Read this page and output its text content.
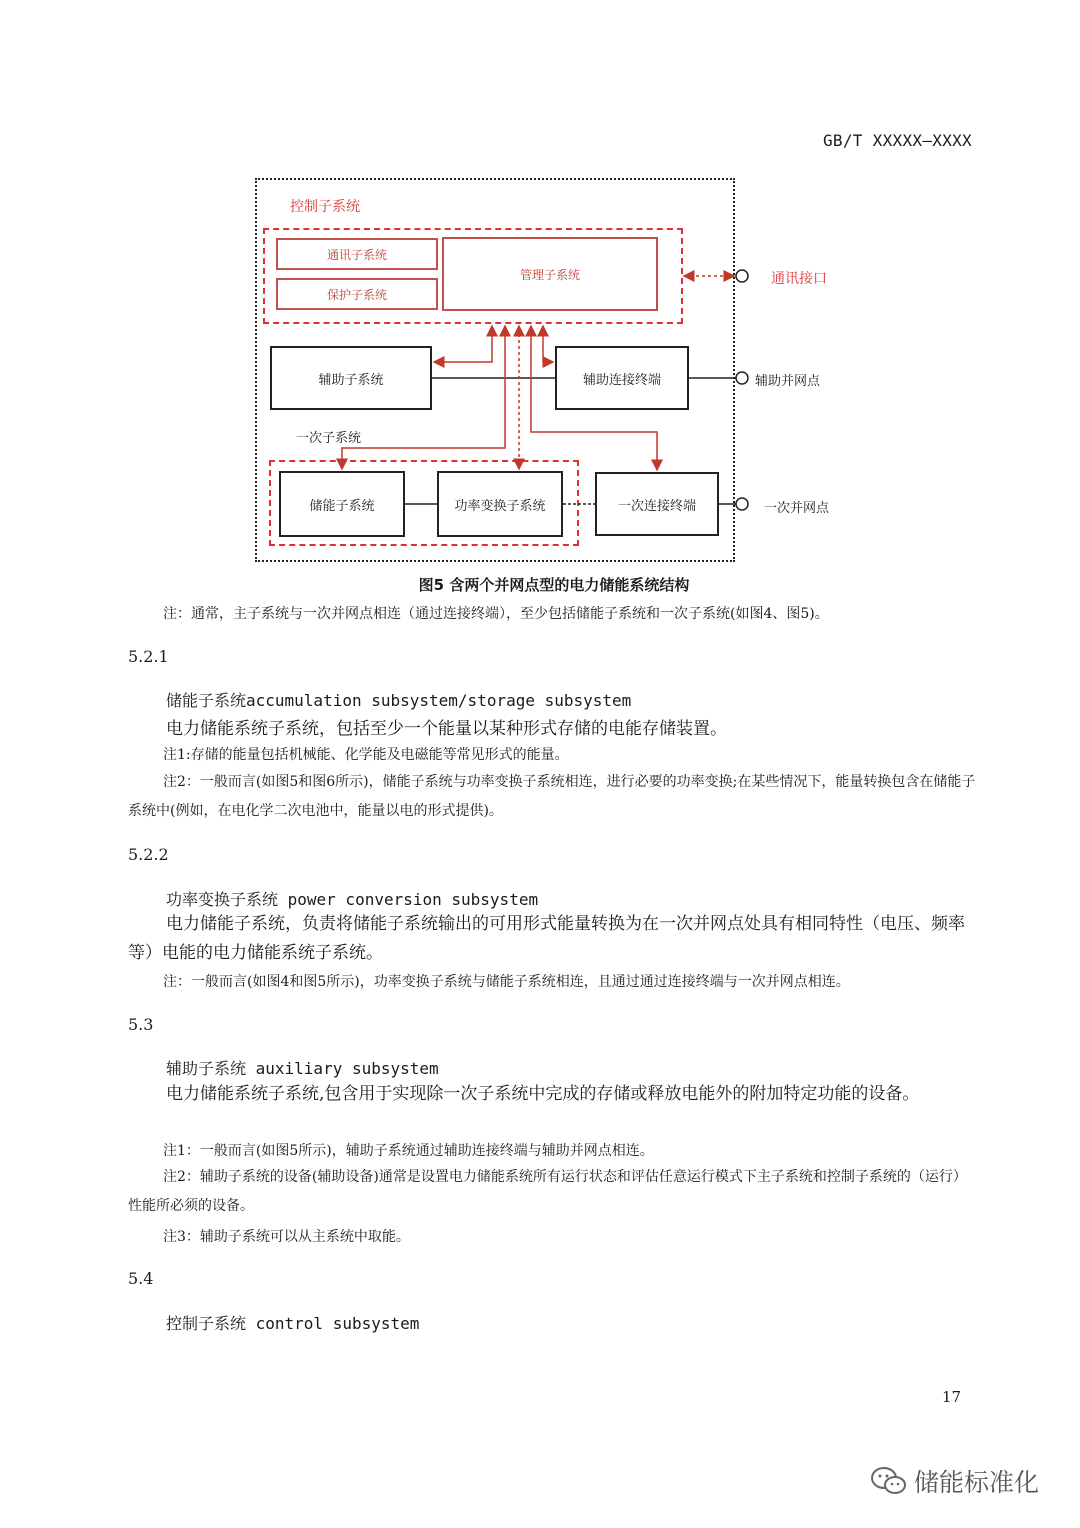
GB/T XXXXX—XXXX
控制子系统
通讯子系统
保护子系统
管理子系统	通讯接口
辅助子系统	辅助连接终端	辅助并网点
一次子系统
储能子系统	功率变换子系统	一次连接终端	一次并网点
图5 含两个并网点型的电力储能系统结构
注：通常，主子系统与一次并网点相连（通过连接终端），至少包括储能子系统和一次子系统(如图4、图5)。
5.2.1
储能子系统accumulation subsystem/storage subsystem
电力储能系统子系统，包括至少一个能量以某种形式存储的电能存储装置。
注1:存储的能量包括机械能、化学能及电磁能等常见形式的能量。

注2：一般而言(如图5和图6所示)，储能子系统与功率变换子系统相连，进行必要的功率变换;在某些情况下，能量转换包含在储能子系统中(例如，在电化学二次电池中，能量以电的形式提供)。

5.2.2
功率变换子系统 power conversion subsystem

电力储能子系统，负责将储能子系统输出的可用形式能量转换为在一次并网点处具有相同特性（电压、频率等）电能的电力储能系统子系统。

注：一般而言(如图4和图5所示)，功率变换子系统与储能子系统相连，且通过通过连接终端与一次并网点相连。
5.3
辅助子系统 auxiliary subsystem

电力储能系统子系统,包含用于实现除一次子系统中完成的存储或释放电能外的附加特定功能的设备。

注1：一般而言(如图5所示)，辅助子系统通过辅助连接终端与辅助并网点相连。

注2：辅助子系统的设备(辅助设备)通常是设置电力储能系统所有运行状态和评估任意运行模式下主子系统和控制子系统的（运行）性能所必须的设备。

注3：辅助子系统可以从主系统中取能。
5.4
控制子系统 control subsystem
17
储能标准化
